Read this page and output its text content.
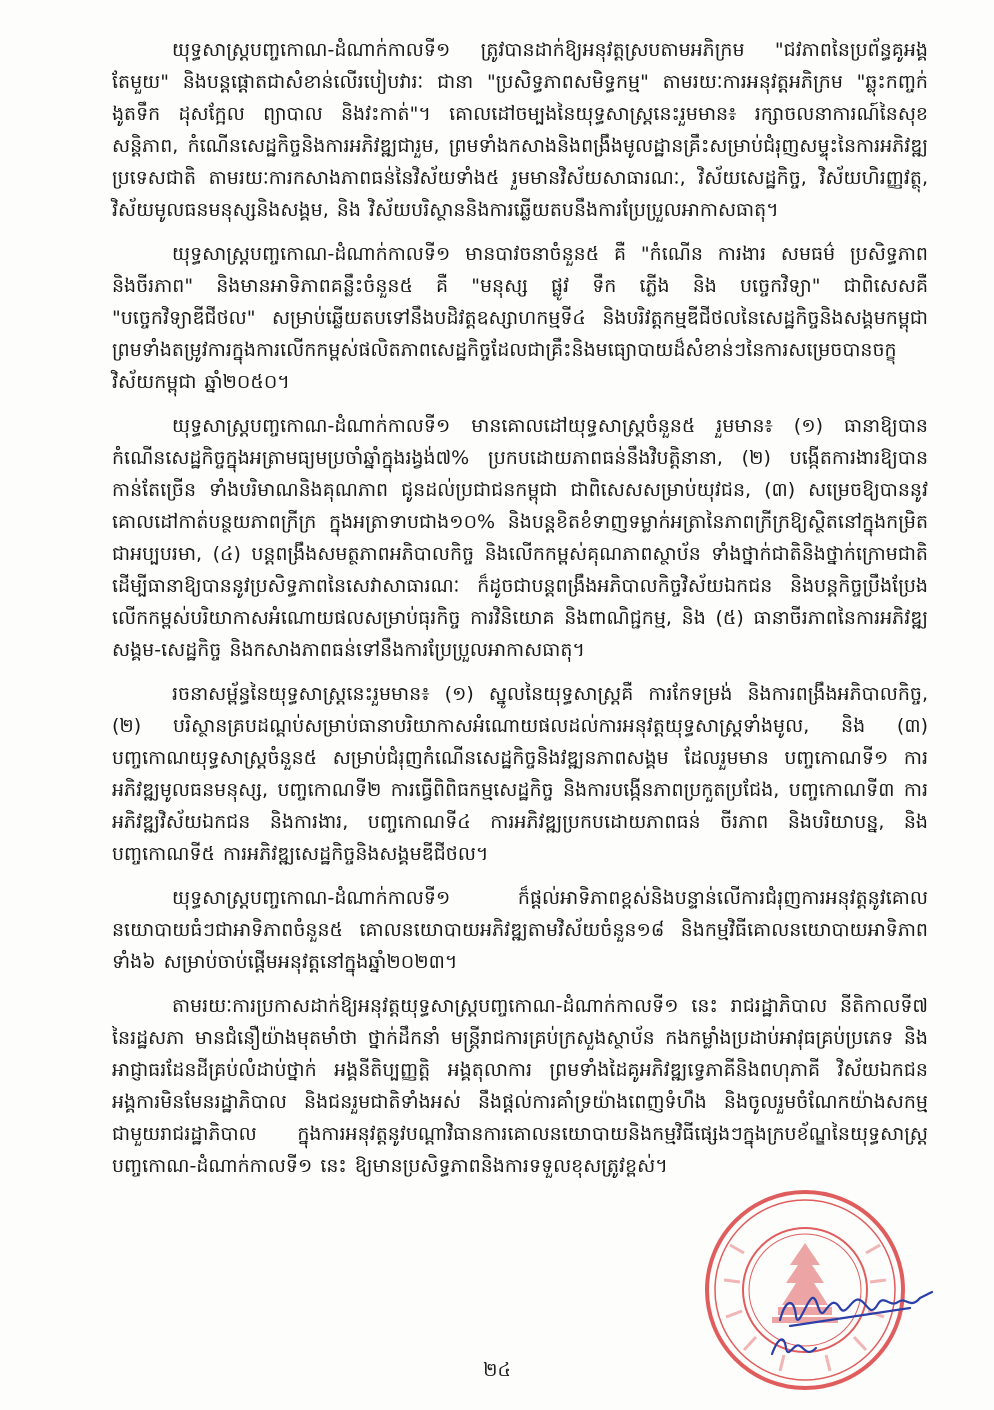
យុទ្ធសាស្ត្របញ្ចកោណ-ដំណាក់កាលទី១ ត្រូវបានដាក់ឱ្យអនុវត្តស្របតាមអភិក្រម "ជវភាពនៃប្រព័ន្ធគូអង្គតែមួយ" និងបន្តផ្តោតជាសំខាន់លើរបៀបវារៈ ជានា "ប្រសិទ្ធភាពសមិទ្ធកម្ម" តាមរយៈការអនុវត្តអភិក្រម "ឆ្លុះកញ្ចក់ ងូតទឹក ដុសក្អែល ព្យាបាល និងវះកាត់"។ គោលដៅចម្បងនៃយុទ្ធសាស្ត្រនេះរួមមាន៖ រក្សាចលនាការណ៍នៃសុខសន្តិភាព, កំណើនសេដ្ឋកិច្ចនិងការអភិវឌ្ឍជារួម, ព្រមទាំងកសាងនិងពង្រឹងមូលដ្ឋានគ្រឹះសម្រាប់ជំរុញសម្ទុះនៃការអភិវឌ្ឍប្រទេសជាតិ តាមរយៈការកសាងភាពធន់នៃវិស័យទាំង៥ រួមមានវិស័យសាធារណៈ, វិស័យសេដ្ឋកិច្ច, វិស័យហិរញ្ញវត្ថុ, វិស័យមូលធនមនុស្សនិងសង្គម, និង វិស័យបរិស្ថាននិងការឆ្លើយតបនឹងការប្រែប្រួលអាកាសធាតុ។

យុទ្ធសាស្ត្របញ្ចកោណ-ដំណាក់កាលទី១ មានបាវចនាចំនួន៥ គឺ "កំណើន ការងារ សមធម៌ ប្រសិទ្ធភាព និងចីរភាព" និងមានអាទិភាពគន្លឹះចំនួន៥ គឺ "មនុស្ស ផ្លូវ ទឹក ភ្លើង និង បច្ចេកវិទ្យា" ជាពិសេសគឺ "បច្ចេកវិទ្យាឌីជីថល" សម្រាប់ឆ្លើយតបទៅនឹងបដិវត្តឧស្សាហកម្មទី៤ និងបរិវត្តកម្មឌីជីថលនៃសេដ្ឋកិច្ចនិងសង្គមកម្ពុជា ព្រមទាំងតម្រូវការក្នុងការលើកកម្ពស់ផលិតភាពសេដ្ឋកិច្ចដែលជាគ្រឹះនិងមធ្យោបាយដ៏សំខាន់ៗនៃការសម្រេចបានចក្ខុវិស័យកម្ពុជា ឆ្នាំ២០៥០។

យុទ្ធសាស្ត្របញ្ចកោណ-ដំណាក់កាលទី១ មានគោលដៅយុទ្ធសាស្ត្រចំនួន៥ រួមមាន៖ (១) ធានាឱ្យបានកំណើនសេដ្ឋកិច្ចក្នុងអត្រាមធ្យមប្រចាំឆ្នាំក្នុងរង្វង់៧% ប្រកបដោយភាពធន់នឹងវិបត្តិនានា, (២) បង្កើតការងារឱ្យបានកាន់តែច្រើន ទាំងបរិមាណនិងគុណភាព ជូនដល់ប្រជាជនកម្ពុជា ជាពិសេសសម្រាប់យុវជន, (៣) សម្រេចឱ្យបាននូវគោលដៅកាត់បន្ថយភាពក្រីក្រ ក្នុងអត្រាទាបជាង១០% និងបន្តខិតខំទាញទម្លាក់អត្រានៃភាពក្រីក្រឱ្យស្ថិតនៅក្នុងកម្រិតជាអប្បបរមា, (៤) បន្តពង្រឹងសមត្ថភាពអភិបាលកិច្ច និងលើកកម្ពស់គុណភាពស្ថាប័ន ទាំងថ្នាក់ជាតិនិងថ្នាក់ក្រោមជាតិ ដើម្បីធានាឱ្យបាននូវប្រសិទ្ធភាពនៃសេវាសាធារណៈ ក៏ដូចជាបន្តពង្រឹងអភិបាលកិច្ចវិស័យឯកជន និងបន្តកិច្ចប្រឹងប្រែងលើកកម្ពស់បរិយាកាសអំណោយផលសម្រាប់ធុរកិច្ច ការវិនិយោគ និងពាណិជ្ជកម្ម, និង (៥) ធានាចីរភាពនៃការអភិវឌ្ឍសង្គម-សេដ្ឋកិច្ច និងកសាងភាពធន់ទៅនឹងការប្រែប្រួលអាកាសធាតុ។

រចនាសម្ព័ន្ធនៃយុទ្ធសាស្ត្រនេះរួមមាន៖ (១) ស្នូលនៃយុទ្ធសាស្ត្រគឺ ការកែទម្រង់ និងការពង្រឹងអភិបាលកិច្ច, (២) បរិស្ថានគ្របដណ្តប់សម្រាប់ធានាបរិយាកាសអំណោយផលដល់ការអនុវត្តយុទ្ធសាស្ត្រទាំងមូល, និង (៣) បញ្ចកោណយុទ្ធសាស្ត្រចំនួន៥ សម្រាប់ជំរុញកំណើនសេដ្ឋកិច្ចនិងវឌ្ឍនភាពសង្គម ដែលរួមមាន បញ្ចកោណទី១ ការអភិវឌ្ឍមូលធនមនុស្ស, បញ្ចកោណទី២ ការធ្វើពិពិធកម្មសេដ្ឋកិច្ច និងការបង្កើនភាពប្រកួតប្រជែង, បញ្ចកោណទី៣ ការអភិវឌ្ឍវិស័យឯកជន និងការងារ, បញ្ចកោណទី៤ ការអភិវឌ្ឍប្រកបដោយភាពធន់ ចីរភាព និងបរិយាបន្ន, និង បញ្ចកោណទី៥ ការអភិវឌ្ឍសេដ្ឋកិច្ចនិងសង្គមឌីជីថល។

យុទ្ធសាស្ត្របញ្ចកោណ-ដំណាក់កាលទី១ ក៏ផ្តល់អាទិភាពខ្ពស់និងបន្ទាន់លើការជំរុញការអនុវត្តនូវគោលនយោបាយធំៗជាអាទិភាពចំនួន៥ គោលនយោបាយអភិវឌ្ឍតាមវិស័យចំនួន១៨ និងកម្មវិធីគោលនយោបាយអាទិភាពទាំង៦ សម្រាប់ចាប់ផ្តើមអនុវត្តនៅក្នុងឆ្នាំ២០២៣។

តាមរយៈការប្រកាសដាក់ឱ្យអនុវត្តយុទ្ធសាស្ត្របញ្ចកោណ-ដំណាក់កាលទី១ នេះ រាជរដ្ឋាភិបាល នីតិកាលទី៧ នៃរដ្ឋសភា មានជំនឿយ៉ាងមុតមាំថា ថ្នាក់ដឹកនាំ មន្ត្រីរាជការគ្រប់ក្រសួងស្ថាប័ន កងកម្លាំងប្រដាប់អាវុធគ្រប់ប្រភេទ និងអាជ្ញាធរដែនដីគ្រប់លំដាប់ថ្នាក់ អង្គនីតិប្បញ្ញត្តិ អង្គតុលាការ ព្រមទាំងដៃគូអភិវឌ្ឍទ្វេភាគីនិងពហុភាគី វិស័យឯកជន អង្គការមិនមែនរដ្ឋាភិបាល និងជនរួមជាតិទាំងអស់ នឹងផ្តល់ការគាំទ្រយ៉ាងពេញទំហឹង និងចូលរួមចំណែកយ៉ាងសកម្មជាមួយរាជរដ្ឋាភិបាល ក្នុងការអនុវត្តនូវបណ្តាវិធានការគោលនយោបាយនិងកម្មវិធីផ្សេងៗក្នុងក្របខ័ណ្ឌនៃយុទ្ធសាស្ត្របញ្ចកោណ-ដំណាក់កាលទី១ នេះ ឱ្យមានប្រសិទ្ធភាពនិងការទទួលខុសត្រូវខ្ពស់។

២៤
